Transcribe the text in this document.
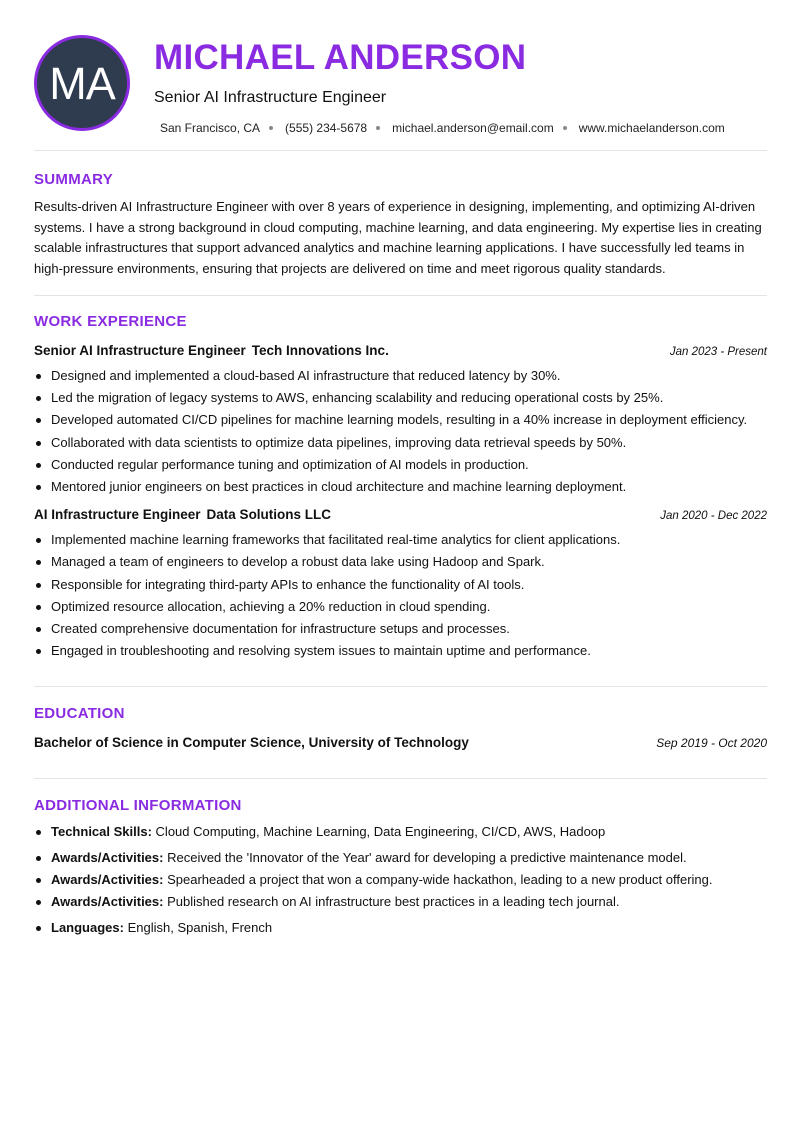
MA MICHAEL ANDERSON
Senior AI Infrastructure Engineer
San Francisco, CA (555) 234-5678 michael.anderson@email.com www.michaelanderson.com
SUMMARY

Results-driven AI Infrastructure Engineer with over 8 years of experience in designing, implementing, and optimizing AI-driven systems. I have a strong background in cloud computing, machine learning, and data engineering. My expertise lies in creating scalable infrastructures that support advanced analytics and machine learning applications. I have successfully led teams in high-pressure environments, ensuring that projects are delivered on time and meet rigorous quality standards.

WORK EXPERIENCE
Senior AI Infrastructure Engineer Tech Innovations Inc.	Jan 2023 - Present
Designed and implemented a cloud-based AI infrastructure that reduced latency by 30%.
Led the migration of legacy systems to AWS, enhancing scalability and reducing operational costs by 25%.
Developed automated CI/CD pipelines for machine learning models, resulting in a 40% increase in deployment efficiency.
Collaborated with data scientists to optimize data pipelines, improving data retrieval speeds by 50%.
Conducted regular performance tuning and optimization of AI models in production.
Mentored junior engineers on best practices in cloud architecture and machine learning deployment.
AI Infrastructure Engineer Data Solutions LLC	Jan 2020 - Dec 2022
Implemented machine learning frameworks that facilitated real-time analytics for client applications.
Managed a team of engineers to develop a robust data lake using Hadoop and Spark.
Responsible for integrating third-party APIs to enhance the functionality of AI tools.
Optimized resource allocation, achieving a 20% reduction in cloud spending.
Created comprehensive documentation for infrastructure setups and processes.
Engaged in troubleshooting and resolving system issues to maintain uptime and performance.
EDUCATION
Bachelor of Science in Computer Science, University of Technology	Sep 2019 - Oct 2020
ADDITIONAL INFORMATION
Technical Skills: Cloud Computing, Machine Learning, Data Engineering, CI/CD, AWS, Hadoop
Awards/Activities: Received the 'Innovator of the Year' award for developing a predictive maintenance model.
Awards/Activities: Spearheaded a project that won a company-wide hackathon, leading to a new product offering.
Awards/Activities: Published research on AI infrastructure best practices in a leading tech journal.
Languages: English, Spanish, French
